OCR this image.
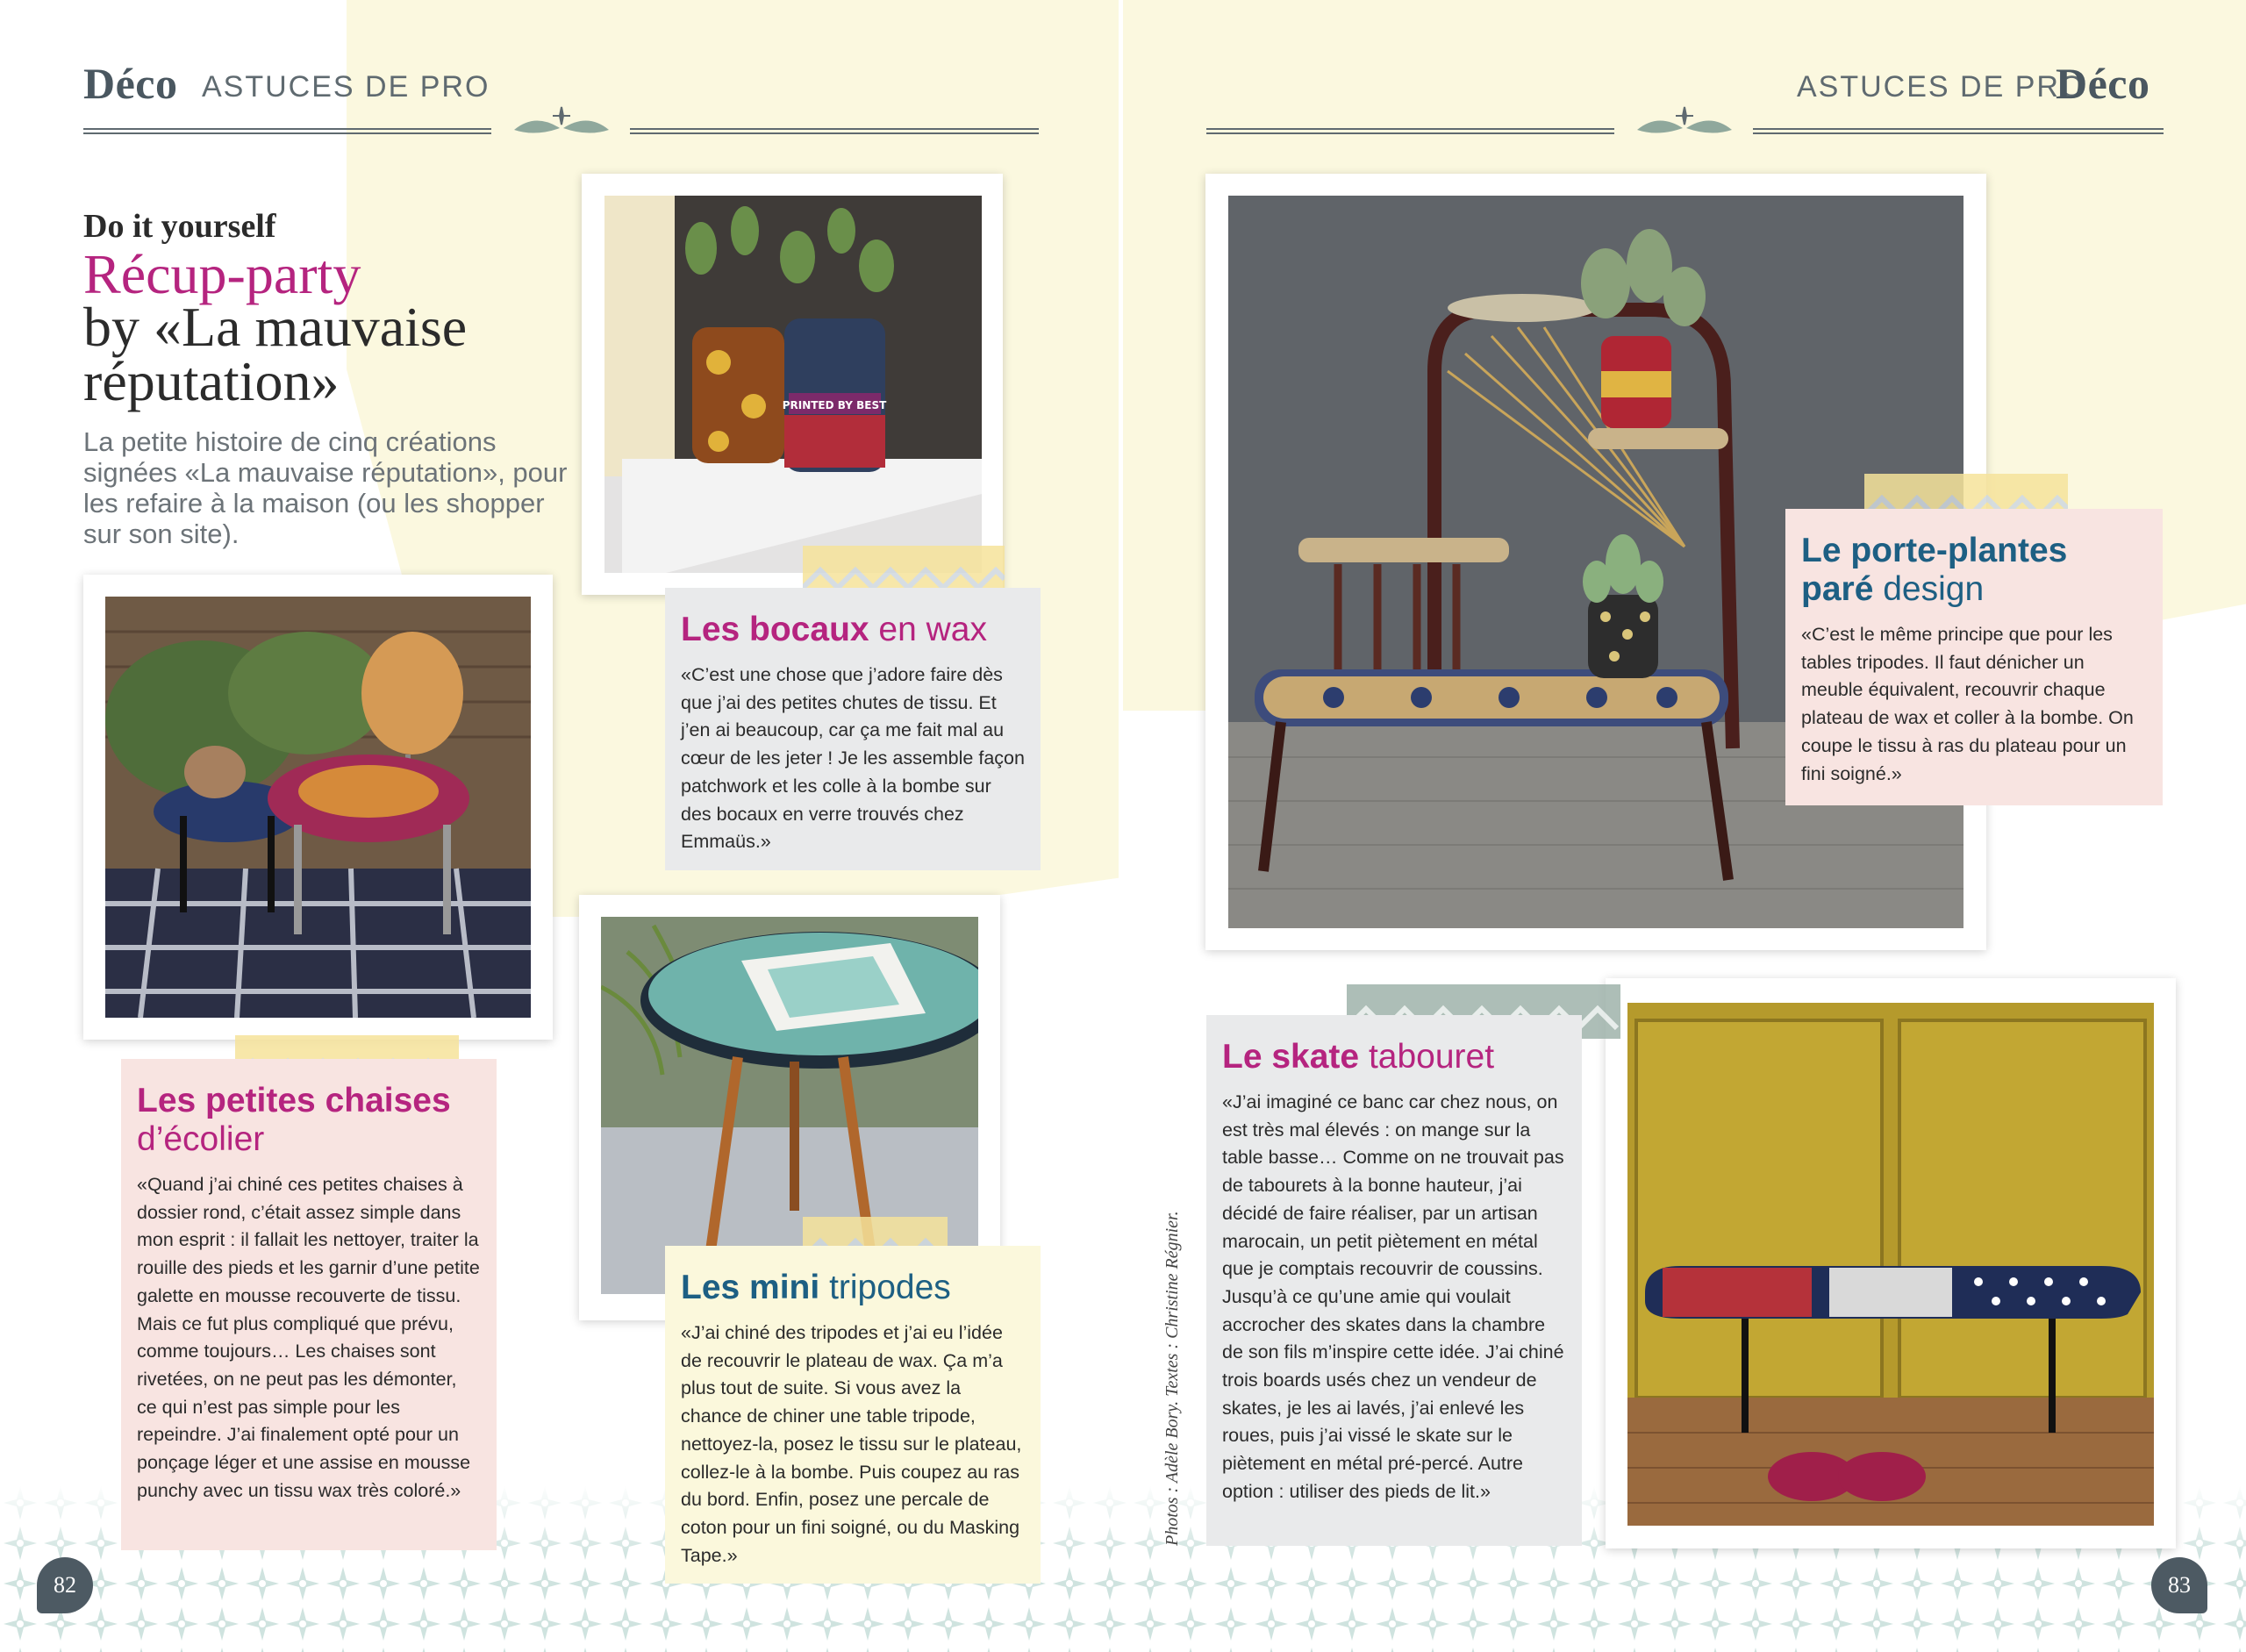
Déco ASTUCES DE PRO	ASTUCES DE PRO
Déco
Do it yourself
Récup-party
by «La mauvaise réputation»
La petite histoire de cinq créations signées «La mauvaise réputation», pour les refaire à la maison (ou les shopper sur son site).
PRINTED BY BEST
Les petites chaises
d’écolier

«Quand j’ai chiné ces petites chaises à dossier rond, c’était assez simple dans mon esprit : il fallait les nettoyer, traiter la rouille des pieds et les garnir d’une petite galette en mousse recouverte de tissu. Mais ce fut plus compliqué que prévu, comme toujours… Les chaises sont rivetées, on ne peut pas les démonter, ce qui n’est pas simple pour les repeindre. J’ai finalement opté pour un ponçage léger et une assise en mousse punchy avec un tissu wax très coloré.»

Les bocaux en wax

«C’est une chose que j’adore faire dès que j’ai des petites chutes de tissu. Et j’en ai beaucoup, car ça me fait mal au cœur de les jeter ! Je les assemble façon patchwork et les colle à la bombe sur des bocaux en verre trouvés chez Emmaüs.»

Les mini tripodes

«J’ai chiné des tripodes et j’ai eu l’idée de recouvrir le plateau de wax. Ça m’a plus tout de suite. Si vous avez la chance de chiner une table tripode, nettoyez-la, posez le tissu sur le plateau, collez-le à la bombe. Puis coupez au ras du bord. Enfin, posez une percale de coton pour un fini soigné, ou du Masking Tape.»

Le porte-plantes paré design

«C’est le même principe que pour les tables tripodes. Il faut dénicher un meuble équivalent, recouvrir chaque plateau de wax et coller à la bombe. On coupe le tissu à ras du plateau pour un fini soigné.»

Le skate tabouret

«J’ai imaginé ce banc car chez nous, on est très mal élevés : on mange sur la table basse… Comme on ne trouvait pas de tabourets à la bonne hauteur, j’ai décidé de faire réaliser, par un artisan marocain, un petit piètement en métal que je comptais recouvrir de coussins. Jusqu’à ce qu’une amie qui voulait accrocher des skates dans la chambre de son fils m’inspire cette idée. J’ai chiné trois boards usés chez un vendeur de skates, je les ai lavés, j’ai enlevé les roues, puis j’ai vissé le skate sur le piètement en métal pré-percé. Autre option : utiliser des pieds de lit.»

Photos : Adèle Bory. Textes : Christine Régnier.
82	83
